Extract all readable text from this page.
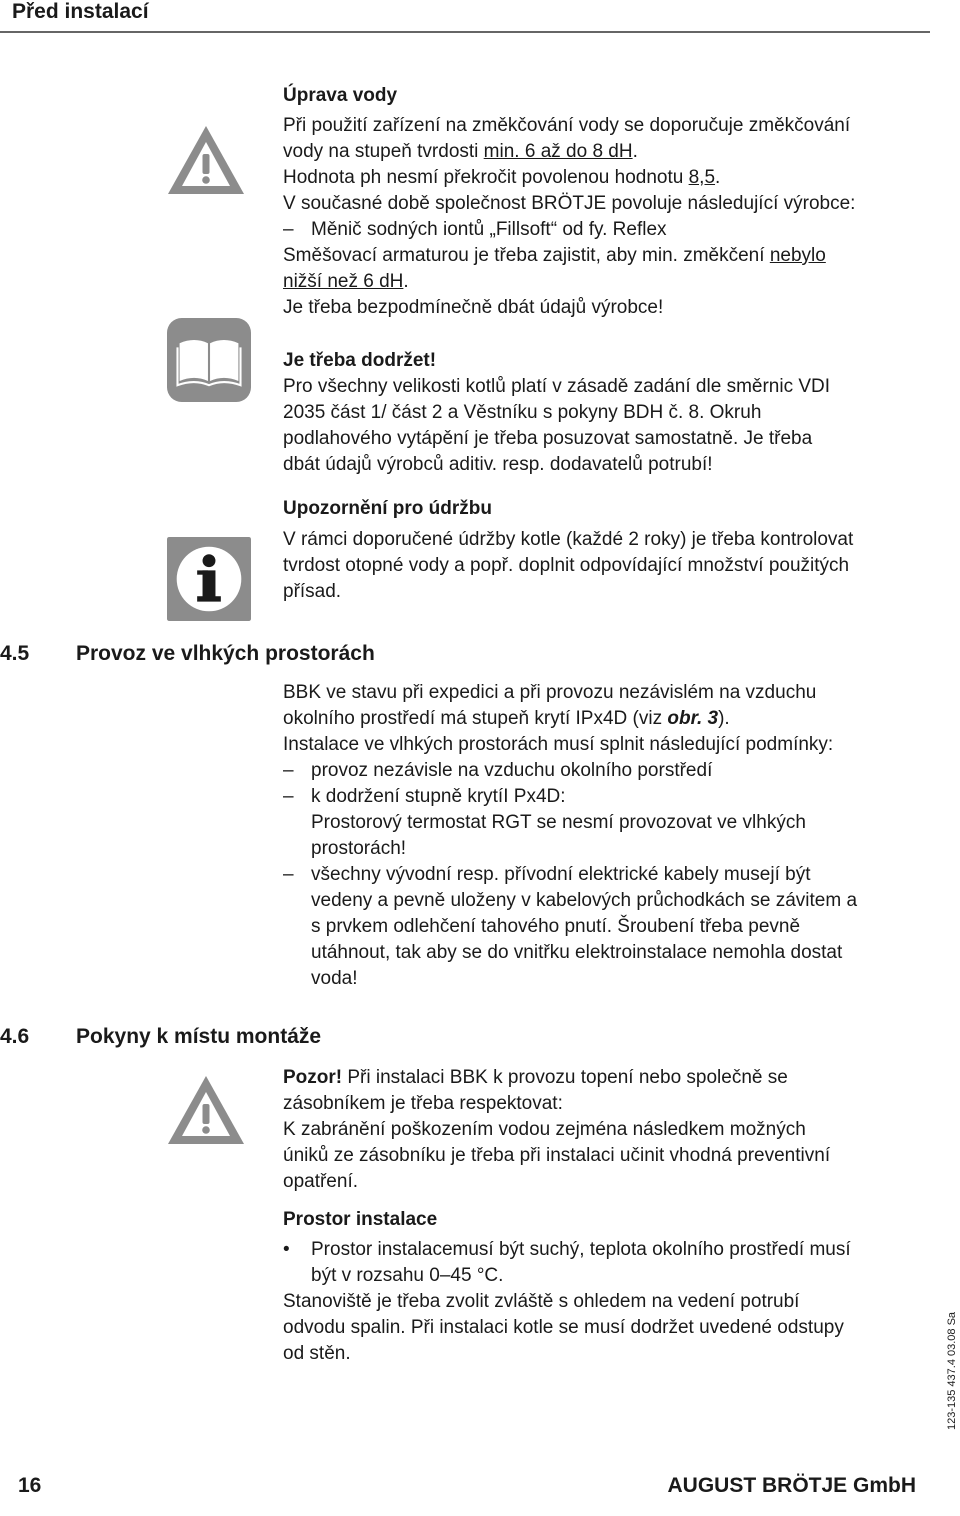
Před instalací
Úprava vody
Při použití zařízení na změkčování vody se doporučuje změkčování
vody na stupeň tvrdosti min. 6 až do 8 dH.
Hodnota ph nesmí překročit povolenou hodnotu 8,5.
V současné době společnost BRÖTJE povoluje následující výrobce:
– Měnič sodných iontů „Fillsoft“ od fy. Reflex
Směšovací armaturou je třeba zajistit, aby min. změkčení nebylo
nižší než 6 dH.
Je třeba bezpodmínečně dbát údajů výrobce!
Je třeba dodržet!
Pro všechny velikosti kotlů platí v zásadě zadání dle směrnic VDI
2035 část 1/ část 2 a Věstníku s pokyny BDH č. 8. Okruh
podlahového vytápění je třeba posuzovat samostatně. Je třeba
dbát údajů výrobců aditiv. resp. dodavatelů potrubí!
Upozornění pro údržbu
V rámci doporučené údržby kotle (každé 2 roky) je třeba kontrolovat
tvrdost otopné vody a popř. doplnit odpovídající množství použitých
přísad.
4.5 Provoz ve vlhkých prostorách
BBK ve stavu při expedici a při provozu nezávislém na vzduchu
okolního prostředí má stupeň krytí IPx4D (viz obr. 3).
Instalace ve vlhkých prostorách musí splnit následující podmínky:
– provoz nezávisle na vzduchu okolního porstředí
– k dodržení stupně krytíI Px4D:
Prostorový termostat RGT se nesmí provozovat ve vlhkých
prostorách!
– všechny vývodní resp. přívodní elektrické kabely musejí být
vedeny a pevně uloženy v kabelových průchodkách se závitem a
s prvkem odlehčení tahového pnutí. Šroubení třeba pevně
utáhnout, tak aby se do vnitřku elektroinstalace nemohla dostat
voda!
4.6 Pokyny k místu montáže
Pozor! Při instalaci BBK k provozu topení nebo společně se
zásobníkem je třeba respektovat:
K zabránění poškozením vodou zejména následkem možných
úniků ze zásobníku je třeba při instalaci učinit vhodná preventivní
opatření.
Prostor instalace
• Prostor instalacemusí být suchý, teplota okolního prostředí musí
být v rozsahu 0–45 °C.
Stanoviště je třeba zvolit zvláště s ohledem na vedení potrubí
odvodu spalin. Při instalaci kotle se musí dodržet uvedené odstupy
od stěn.	123-135 437.4 03.08 Sa
16	AUGUST BRÖTJE GmbH
